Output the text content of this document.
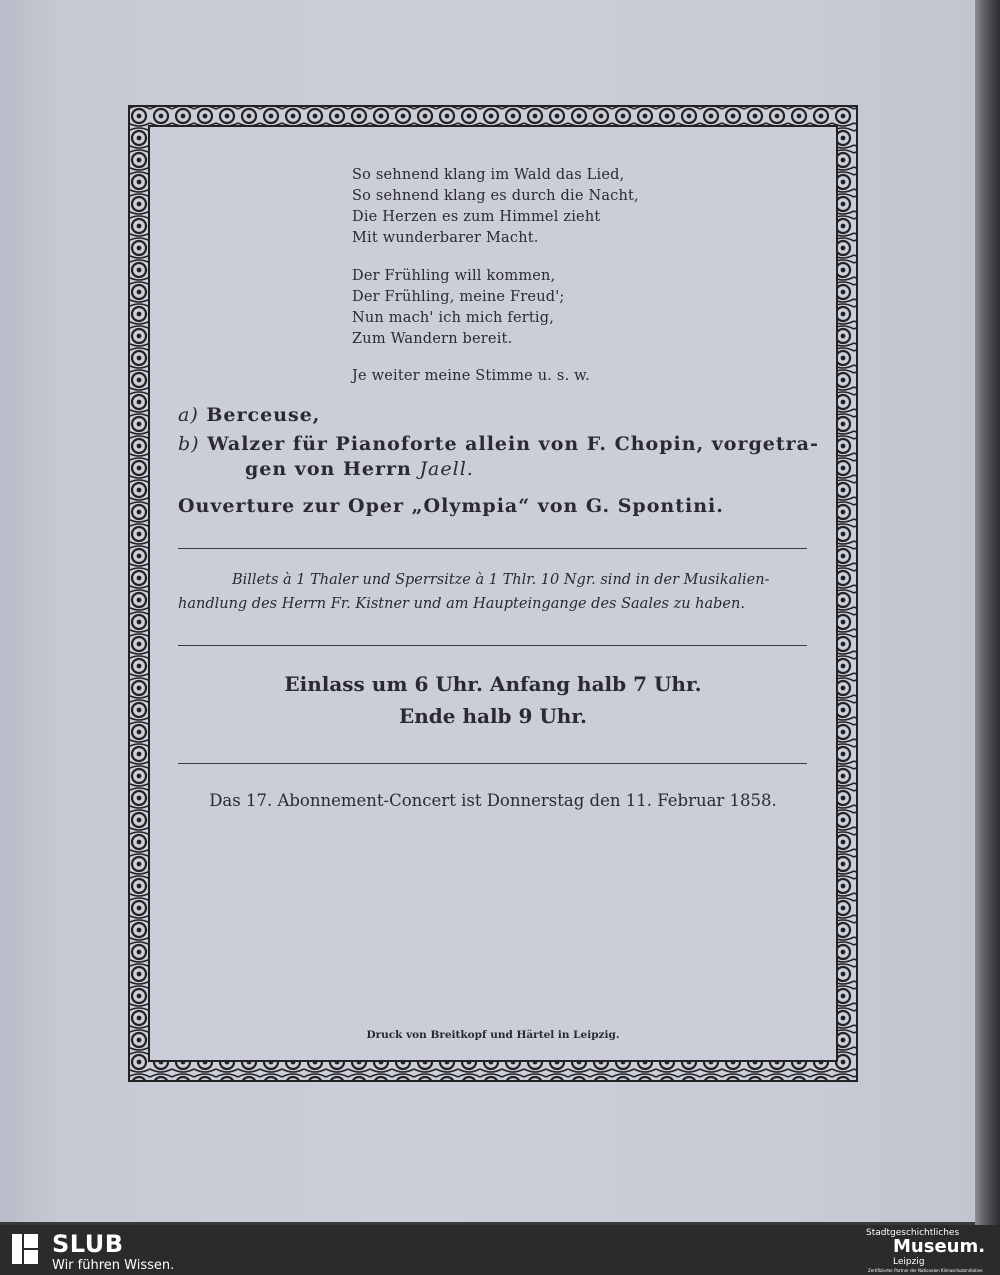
So sehnend klang im Wald das Lied,
So sehnend klang es durch die Nacht,
Die Herzen es zum Himmel zieht
Mit wunderbarer Macht.
Der Frühling will kommen,
Der Frühling, meine Freud';
Nun mach' ich mich fertig,
Zum Wandern bereit.
Je weiter meine Stimme u. s. w.
a) Berceuse,
b) Walzer für Pianoforte allein von F. Chopin, vorgetra-
gen von Herrn Jaell.
Ouverture zur Oper „Olympia“ von G. Spontini.
Billets à 1 Thaler und Sperrsitze à 1 Thlr. 10 Ngr. sind in der Musikalien-
handlung des Herrn Fr. Kistner und am Haupteingange des Saales zu haben.
Einlass um 6 Uhr. Anfang halb 7 Uhr.
Ende halb 9 Uhr.
Das 17. Abonnement-Concert ist Donnerstag den 11. Februar 1858.
Druck von Breitkopf und Härtel in Leipzig.
SLUB
Wir führen Wissen.
Stadtgeschichtliches
Museum.
Leipzig
Zertifizierter Partner der Nationalen Klimaschutzinitiative
